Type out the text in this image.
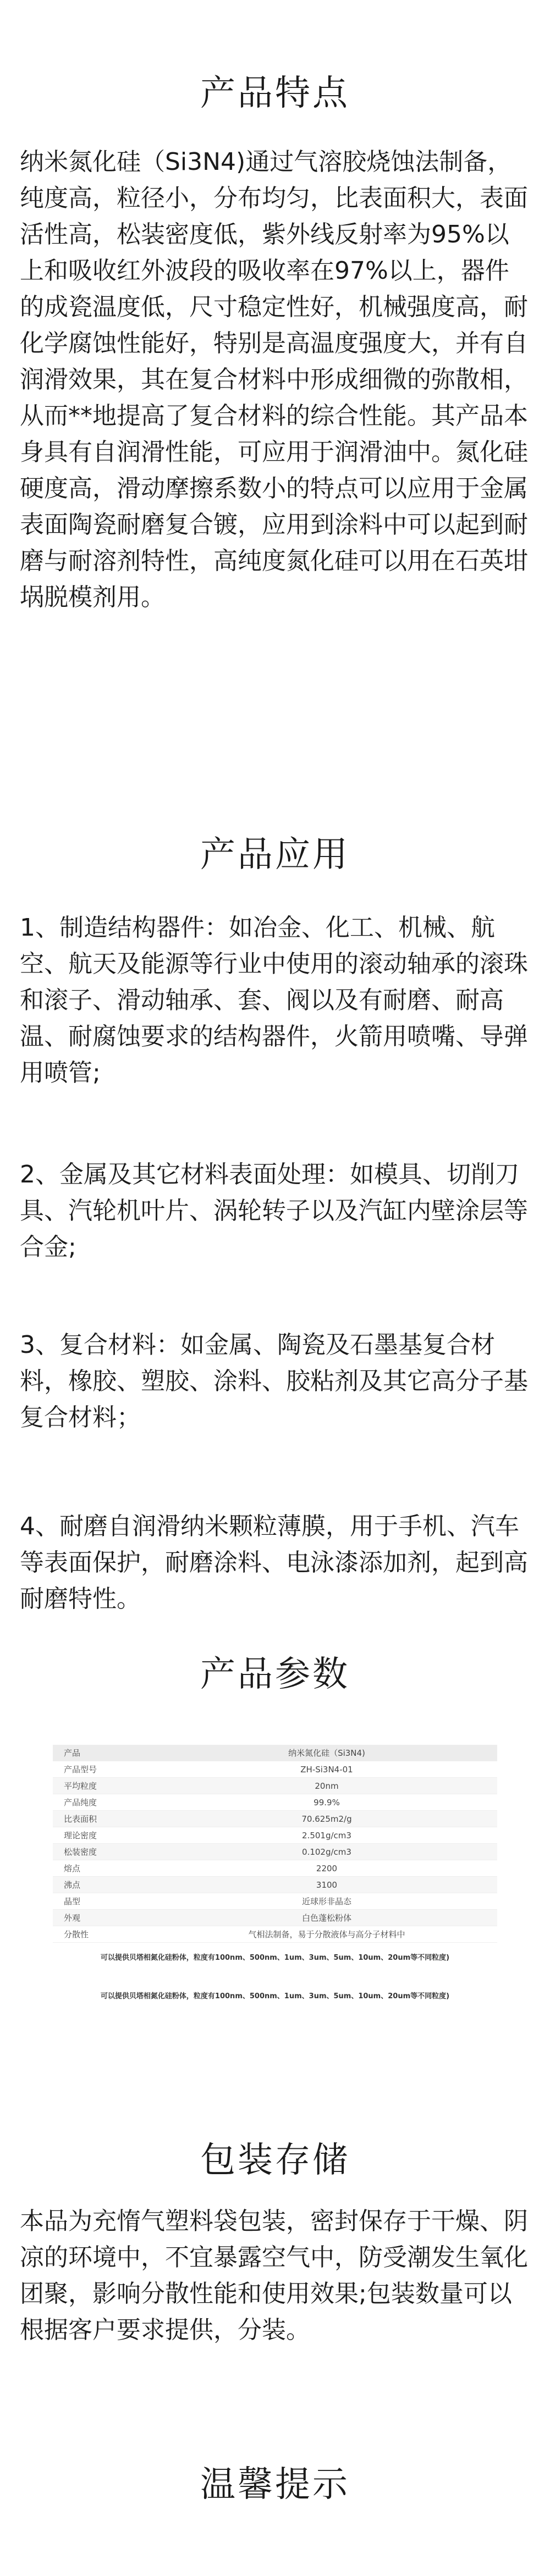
产品特点

纳米氮化硅（Si3N4)通过气溶胶烧蚀法制备，纯度高，粒径小，分布均匀，比表面积大，表面活性高，松装密度低，紫外线反射率为95%以上和吸收红外波段的吸收率在97%以上，器件的成瓷温度低，尺寸稳定性好，机械强度高，耐化学腐蚀性能好，特别是高温度强度大，并有自润滑效果，其在复合材料中形成细微的弥散相，从而**地提高了复合材料的综合性能。其产品本身具有自润滑性能，可应用于润滑油中。氮化硅硬度高，滑动摩擦系数小的特点可以应用于金属表面陶瓷耐磨复合镀，应用到涂料中可以起到耐磨与耐溶剂特性，高纯度氮化硅可以用在石英坩埚脱模剂用。

产品应用

1、制造结构器件：如冶金、化工、机械、航空、航天及能源等行业中使用的滚动轴承的滚珠和滚子、滑动轴承、套、阀以及有耐磨、耐高温、耐腐蚀要求的结构器件，火箭用喷嘴、导弹用喷管;

2、金属及其它材料表面处理：如模具、切削刀具、汽轮机叶片、涡轮转子以及汽缸内壁涂层等合金;

3、复合材料：如金属、陶瓷及石墨基复合材料，橡胶、塑胶、涂料、胶粘剂及其它高分子基复合材料；

4、耐磨自润滑纳米颗粒薄膜，用于手机、汽车等表面保护，耐磨涂料、电泳漆添加剂，起到高耐磨特性。

产品参数
产品	纳米氮化硅（Si3N4)
产品型号	ZH-Si3N4-01
平均粒度	20nm
产品纯度	99.9%
比表面积	70.625m2/g
理论密度	2.501g/cm3
松装密度	0.102g/cm3
熔点	2200
沸点	3100
晶型	近球形非晶态
外观	白色蓬松粉体
分散性	气相法制备，易于分散液体与高分子材料中
可以提供贝塔相氮化硅粉体，粒度有100nm、500nm、1um、3um、5um、10um、20um等不同粒度)
可以提供贝塔相氮化硅粉体，粒度有100nm、500nm、1um、3um、5um、10um、20um等不同粒度)
包装存储

本品为充惰气塑料袋包装，密封保存于干燥、阴凉的环境中，不宜暴露空气中，防受潮发生氧化团聚，影响分散性能和使用效果;包装数量可以根据客户要求提供，分装。

温馨提示
